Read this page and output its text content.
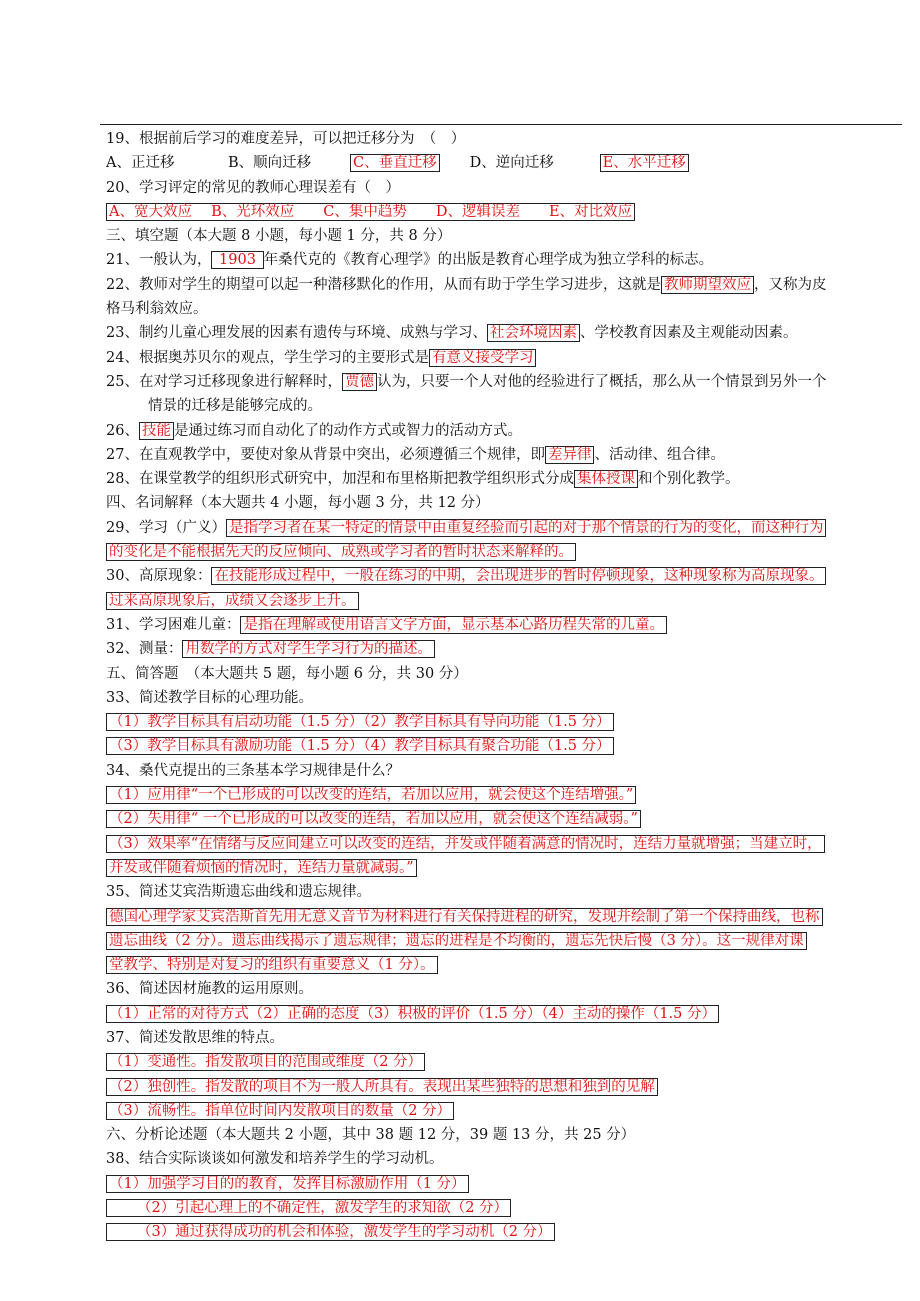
19、根据前后学习的难度差异，可以把迁移分为　（　）
A、正迁移	B、顺向迁移	C、垂直迁移 D、逆向迁移	E、水平迁移
20、学习评定的常见的教师心理误差有（　）
A、宽大效应　 B、光环效应　　C、集中趋势　　D、逻辑误差　　E、对比效应
三、填空题（本大题 8 小题，每小题 1 分，共 8 分）
21、一般认为， 1903 年桑代克的《教育心理学》的出版是教育心理学成为独立学科的标志。
22、教师对学生的期望可以起一种潜移默化的作用，从而有助于学生学习进步，这就是 教师期望效应 ，又称为皮
格马利翁效应。
23、制约儿童心理发展的因素有遗传与环境、成熟与学习、 社会环境因素 、学校教育因素及主观能动因素。
24、根据奥苏贝尔的观点，学生学习的主要形式是 有意义接受学习
25、在对学习迁移现象进行解释时， 贾德 认为，只要一个人对他的经验进行了概括，那么从一个情景到另外一个
情景的迁移是能够完成的。
26、 技能 是通过练习而自动化了的动作方式或智力的活动方式。
27、在直观教学中，要使对象从背景中突出，必须遵循三个规律，即 差异律 、活动律、组合律。
28、在课堂教学的组织形式研究中，加涅和布里格斯把教学组织形式分成 集体授课 和个别化教学。
四、名词解释（本大题共 4 小题，每小题 3 分，共 12 分）
29、学习（广义） 是指学习者在某一特定的情景中由重复经验而引起的对于那个情景的行为的变化，而这种行为
的变化是不能根据先天的反应倾向、成熟或学习者的暂时状态来解释的。
30、高原现象： 在技能形成过程中，一般在练习的中期，会出现进步的暂时停顿现象，这种现象称为高原现象。
过来高原现象后，成绩又会逐步上升。
31、学习困难儿童： 是指在理解或使用语言文字方面，显示基本心路历程失常的儿童。
32、测量： 用数学的方式对学生学习行为的描述。
五、简答题　（本大题共 5 题，每小题 6 分，共 30 分）
33、简述教学目标的心理功能。
（1）教学目标具有启动功能（1.5 分）（2）教学目标具有导向功能（1.5 分）
（3）教学目标具有激励功能（1.5 分）（4）教学目标具有聚合功能（1.5 分）
34、桑代克提出的三条基本学习规律是什么？
（1）应用律“一个已形成的可以改变的连结，若加以应用，就会使这个连结增强。”
（2）失用律“ 一个已形成的可以改变的连结，若加以应用，就会使这个连结减弱。”
（3）效果率“在情绪与反应间建立可以改变的连结，并发或伴随着满意的情况时，连结力量就增强；当建立时，
并发或伴随着烦恼的情况时，连结力量就减弱。”
35、简述艾宾浩斯遗忘曲线和遗忘规律。
德国心理学家艾宾浩斯首先用无意义音节为材料进行有关保持进程的研究，发现并绘制了第一个保持曲线，也称
遗忘曲线（2 分）。遗忘曲线揭示了遗忘规律；遗忘的进程是不均衡的，遗忘先快后慢（3 分）。这一规律对课
堂教学、特别是对复习的组织有重要意义（1 分）。
36、简述因材施教的运用原则。
（1）正常的对待方式（2）正确的态度（3）积极的评价（1.5 分）（4）主动的操作（1.5 分）
37、简述发散思维的特点。
（1）变通性。指发散项目的范围或维度（2 分）
（2）独创性。指发散的项目不为一般人所具有。表现出某些独特的思想和独到的见解
（3）流畅性。指单位时间内发散项目的数量（2 分）
六、分析论述题（本大题共 2 小题，其中 38 题 12 分，39 题 13 分，共 25 分）
38、结合实际谈谈如何激发和培养学生的学习动机。
（1）加强学习目的的教育，发挥目标激励作用（1 分）
（2）引起心理上的不确定性，激发学生的求知欲（2 分）
（3）通过获得成功的机会和体验，激发学生的学习动机（2 分）
